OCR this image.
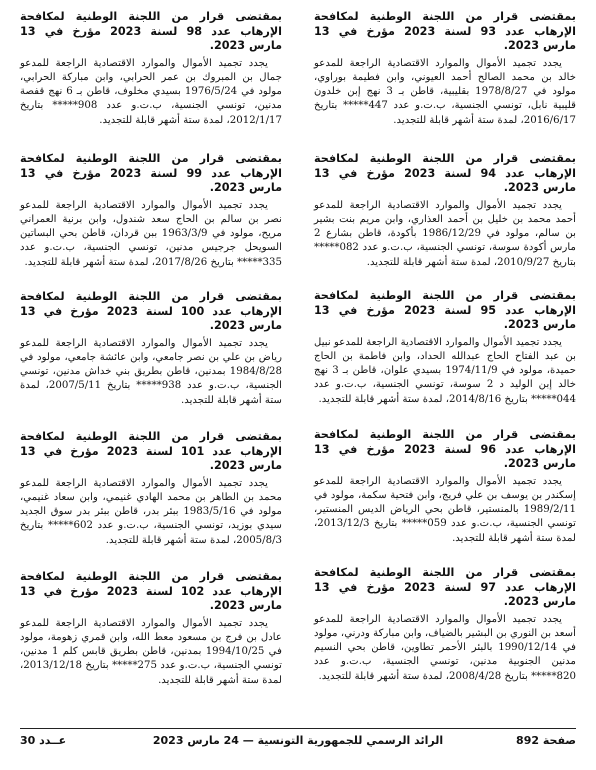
بمقتضى قرار من اللجنة الوطنية لمكافحة الإرهاب عدد 93 لسنة 2023 مؤرخ في 13 مارس 2023.

يجدد تجميد الأموال والموارد الاقتصادية الراجعة للمدعو خالد بن محمد الصالح أحمد العيوني، وابن فطيمة بوراوي، مولود في 1978/8/27 بقليبية، قاطن بـ 3 نهج إبن خلدون قليبية نابل، تونسي الجنسية، ب.ت.و عدد 447***** بتاريخ 2016/6/17، لمدة ستة أشهر قابلة للتجديد.

بمقتضى قرار من اللجنة الوطنية لمكافحة الإرهاب عدد 94 لسنة 2023 مؤرخ في 13 مارس 2023.

يجدد تجميد الأموال والموارد الاقتصادية الراجعة للمدعو أحمد محمد بن خليل بن أحمد العذاري، وابن مريم بنت بشير بن سالم، مولود في 1986/12/29 بأكودة، قاطن بشارع 2 مارس أكودة سوسة، تونسي الجنسية، ب.ت.و عدد 082***** بتاريخ 2010/9/27، لمدة ستة أشهر قابلة للتجديد.

بمقتضى قرار من اللجنة الوطنية لمكافحة الإرهاب عدد 95 لسنة 2023 مؤرخ في 13 مارس 2023.

يجدد تجميد الأموال والموارد الاقتصادية الراجعة للمدعو نبيل بن عبد الفتاح الحاج عبدالله الحداد، وابن فاطمة بن الحاج حميدة، مولود في 1974/11/9 بسيدي علوان، قاطن بـ 3 نهج خالد إبن الوليد د 2 سوسة، تونسي الجنسية، ب.ت.و عدد 044***** بتاريخ 2014/8/16، لمدة ستة أشهر قابلة للتجديد.

بمقتضى قرار من اللجنة الوطنية لمكافحة الإرهاب عدد 96 لسنة 2023 مؤرخ في 13 مارس 2023.

يجدد تجميد الأموال والموارد الاقتصادية الراجعة للمدعو إسكندر بن يوسف بن علي فريج، وابن فتحية سكمة، مولود في 1989/2/11 بالمنستير، قاطن بحي الرياض الديس المنستير، تونسي الجنسية، ب.ت.و عدد 059***** بتاريخ 2013/12/3، لمدة ستة أشهر قابلة للتجديد.

بمقتضى قرار من اللجنة الوطنية لمكافحة الإرهاب عدد 97 لسنة 2023 مؤرخ في 13 مارس 2023.

يجدد تجميد الأموال والموارد الاقتصادية الراجعة للمدعو أسعد بن النوري بن البشير بالضياف، وابن مباركة ودرني، مولود في 1990/12/14 بالبئر الأحمر تطاوين، قاطن بحي النسيم مدنين الجنوبية مدنين، تونسي الجنسية، ب.ت.و عدد 820***** بتاريخ 2008/4/28، لمدة ستة أشهر قابلة للتجديد.

بمقتضى قرار من اللجنة الوطنية لمكافحة الإرهاب عدد 98 لسنة 2023 مؤرخ في 13 مارس 2023.

يجدد تجميد الأموال والموارد الاقتصادية الراجعة للمدعو جمال بن المبروك بن عمر الحرابي، وابن مباركة الحرابي، مولود في 1976/5/24 بسيدي مخلوف، قاطن بـ 6 نهج قفصة مدنين، تونسي الجنسية، ب.ت.و عدد 908***** بتاريخ 2012/1/17، لمدة ستة أشهر قابلة للتجديد.

بمقتضى قرار من اللجنة الوطنية لمكافحة الإرهاب عدد 99 لسنة 2023 مؤرخ في 13 مارس 2023.

يجدد تجميد الأموال والموارد الاقتصادية الراجعة للمدعو نصر بن سالم بن الحاج سعد شندول، وابن برنية العمراني مريح، مولود في 1963/3/9 ببن قردان، قاطن بحي البساتين السويحل جرجيس مدنين، تونسي الجنسية، ب.ت.و عدد 335***** بتاريخ 2017/8/26، لمدة ستة أشهر قابلة للتجديد.

بمقتضى قرار من اللجنة الوطنية لمكافحة الإرهاب عدد 100 لسنة 2023 مؤرخ في 13 مارس 2023.

يجدد تجميد الأموال والموارد الاقتصادية الراجعة للمدعو رياض بن علي بن نصر جامعي، وابن عائشة جامعي، مولود في 1984/8/28 بمدنين، قاطن بطريق بني خداش مدنين، تونسي الجنسية، ب.ت.و عدد 938***** بتاريخ 2007/5/11، لمدة ستة أشهر قابلة للتجديد.

بمقتضى قرار من اللجنة الوطنية لمكافحة الإرهاب عدد 101 لسنة 2023 مؤرخ في 13 مارس 2023.

يجدد تجميد الأموال والموارد الاقتصادية الراجعة للمدعو محمد بن الطاهر بن محمد الهادي غنيمي، وابن سعاد غنيمي، مولود في 1983/5/16 ببئر بدر، قاطن ببئر بدر سوق الجديد سيدي بوزيد، تونسي الجنسية، ب.ت.و عدد 602***** بتاريخ 2005/8/3، لمدة ستة أشهر قابلة للتجديد.

بمقتضى قرار من اللجنة الوطنية لمكافحة الإرهاب عدد 102 لسنة 2023 مؤرخ في 13 مارس 2023.

يجدد تجميد الأموال والموارد الاقتصادية الراجعة للمدعو عادل بن فرج بن مسعود معط الله، وابن قمري زهومة، مولود في 1994/10/25 بمدنين، قاطن بطريق قابس كلم 1 مدنين، تونسي الجنسية، ب.ت.و عدد 275***** بتاريخ 2013/12/18، لمدة ستة أشهر قابلة للتجديد.

صفحة 892
الرائد الرسمي للجمهورية التونسية — 24 مارس 2023
عــدد 30
